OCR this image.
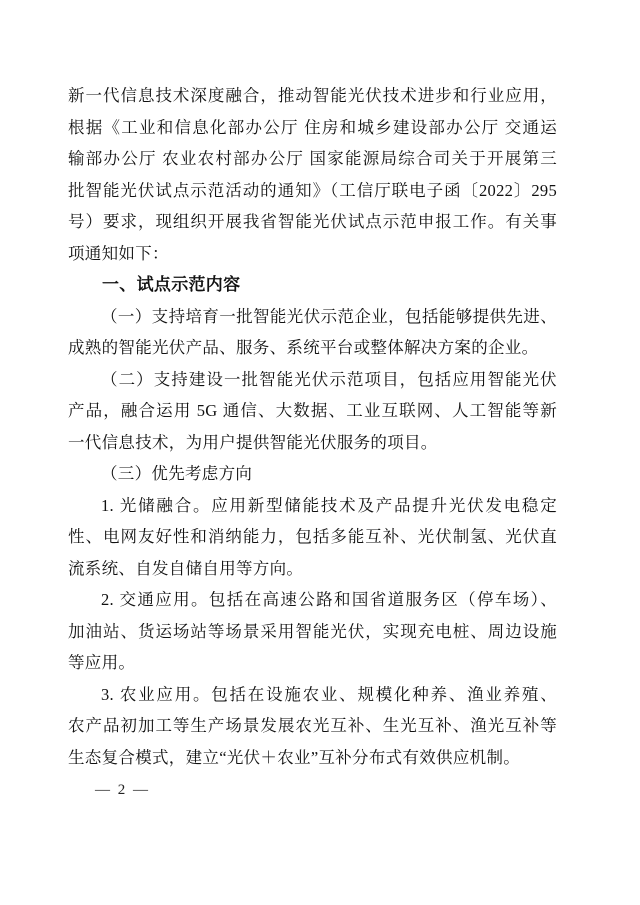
新一代信息技术深度融合，推动智能光伏技术进步和行业应用，
根据《工业和信息化部办公厅 住房和城乡建设部办公厅 交通运
输部办公厅 农业农村部办公厅 国家能源局综合司关于开展第三
批智能光伏试点示范活动的通知》（工信厅联电子函〔2022〕295
号）要求，现组织开展我省智能光伏试点示范申报工作。有关事
项通知如下：
一、试点示范内容
（一）支持培育一批智能光伏示范企业，包括能够提供先进、
成熟的智能光伏产品、服务、系统平台或整体解决方案的企业。
（二）支持建设一批智能光伏示范项目，包括应用智能光伏
产品，融合运用 5G 通信、大数据、工业互联网、人工智能等新
一代信息技术，为用户提供智能光伏服务的项目。
（三）优先考虑方向
1. 光储融合。应用新型储能技术及产品提升光伏发电稳定
性、电网友好性和消纳能力，包括多能互补、光伏制氢、光伏直
流系统、自发自储自用等方向。
2. 交通应用。包括在高速公路和国省道服务区（停车场）、
加油站、货运场站等场景采用智能光伏，实现充电桩、周边设施
等应用。
3. 农业应用。包括在设施农业、规模化种养、渔业养殖、
农产品初加工等生产场景发展农光互补、生光互补、渔光互补等
生态复合模式，建立“光伏＋农业”互补分布式有效供应机制。
— 2 —
